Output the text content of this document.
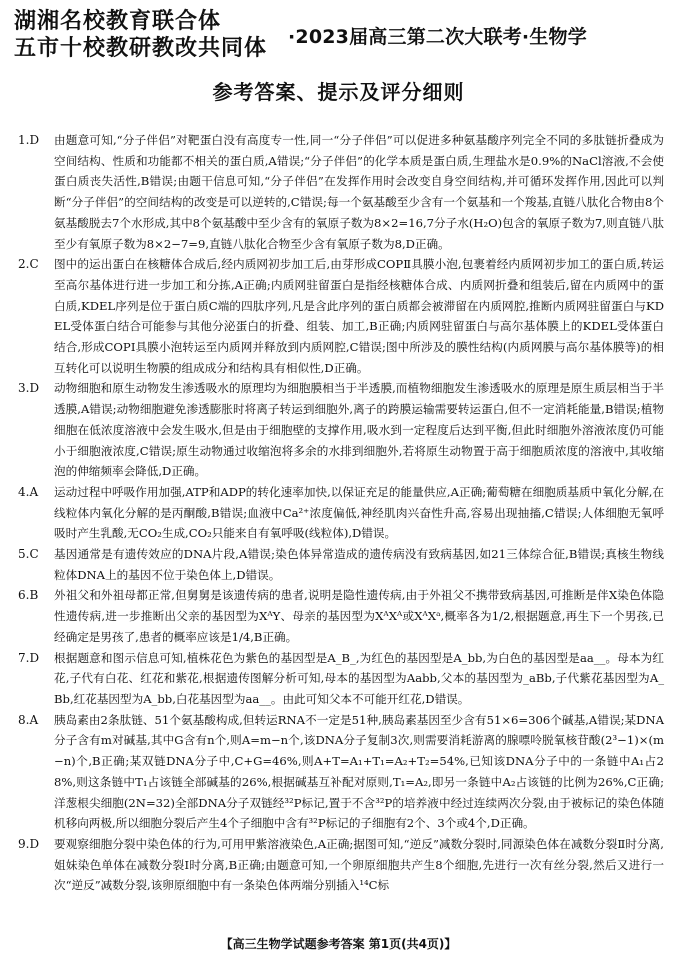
湖湘名校教育联合体
五市十校教研教改共同体	·2023届高三第二次大联考·生物学
参考答案、提示及评分细则
1.D	由题意可知,“分子伴侣”对靶蛋白没有高度专一性,同一“分子伴侣”可以促进多种氨基酸序列完全不同的多肽链折叠成为空间结构、性质和功能都不相关的蛋白质,A错误;“分子伴侣”的化学本质是蛋白质,生理盐水是0.9%的NaCl溶液,不会使蛋白质丧失活性,B错误;由题干信息可知,“分子伴侣”在发挥作用时会改变自身空间结构,并可循环发挥作用,因此可以判断“分子伴侣”的空间结构的改变是可以逆转的,C错误;每一个氨基酸至少含有一个氨基和一个羧基,直链八肽化合物由8个氨基酸脱去7个水形成,其中8个氨基酸中至少含有的氧原子数为8×2=16,7分子水(H₂O)包含的氧原子数为7,则直链八肽至少有氧原子数为8×2−7=9,直链八肽化合物至少含有氧原子数为8,D正确。
2.C	图中的运出蛋白在核糖体合成后,经内质网初步加工后,由芽形成COPⅡ具膜小泡,包裹着经内质网初步加工的蛋白质,转运至高尔基体进行进一步加工和分拣,A正确;内质网驻留蛋白是指经核糖体合成、内质网折叠和组装后,留在内质网中的蛋白质,KDEL序列是位于蛋白质C端的四肽序列,凡是含此序列的蛋白质都会被滞留在内质网腔,推断内质网驻留蛋白与KDEL受体蛋白结合可能参与其他分泌蛋白的折叠、组装、加工,B正确;内质网驻留蛋白与高尔基体膜上的KDEL受体蛋白结合,形成COPⅠ具膜小泡转运至内质网并释放到内质网腔,C错误;图中所涉及的膜性结构(内质网膜与高尔基体膜等)的相互转化可以说明生物膜的组成成分和结构具有相似性,D正确。
3.D	动物细胞和原生动物发生渗透吸水的原理均为细胞膜相当于半透膜,而植物细胞发生渗透吸水的原理是原生质层相当于半透膜,A错误;动物细胞避免渗透膨胀时将离子转运到细胞外,离子的跨膜运输需要转运蛋白,但不一定消耗能量,B错误;植物细胞在低浓度溶液中会发生吸水,但是由于细胞壁的支撑作用,吸水到一定程度后达到平衡,但此时细胞外溶液浓度仍可能小于细胞液浓度,C错误;原生动物通过收缩泡将多余的水排到细胞外,若将原生动物置于高于细胞质浓度的溶液中,其收缩泡的伸缩频率会降低,D正确。
4.A	运动过程中呼吸作用加强,ATP和ADP的转化速率加快,以保证充足的能量供应,A正确;葡萄糖在细胞质基质中氧化分解,在线粒体内氧化分解的是丙酮酸,B错误;血液中Ca²⁺浓度偏低,神经肌肉兴奋性升高,容易出现抽搐,C错误;人体细胞无氧呼吸时产生乳酸,无CO₂生成,CO₂只能来自有氧呼吸(线粒体),D错误。
5.C	基因通常是有遗传效应的DNA片段,A错误;染色体异常造成的遗传病没有致病基因,如21三体综合征,B错误;真核生物线粒体DNA上的基因不位于染色体上,D错误。
6.B	外祖父和外祖母都正常,但舅舅是该遗传病的患者,说明是隐性遗传病,由于外祖父不携带致病基因,可推断是伴X染色体隐性遗传病,进一步推断出父亲的基因型为XᴬY、母亲的基因型为XᴬXᴬ或XᴬXᵃ,概率各为1/2,根据题意,再生下一个男孩,已经确定是男孩了,患者的概率应该是1/4,B正确。
7.D	根据题意和图示信息可知,植株花色为紫色的基因型是A_B_,为红色的基因型是A_bb,为白色的基因型是aa__。母本为红花,子代有白花、红花和紫花,根据遗传图解分析可知,母本的基因型为Aabb,父本的基因型为_aBb,子代紫花基因型为A_Bb,红花基因型为A_bb,白花基因型为aa__。由此可知父本不可能开红花,D错误。
8.A	胰岛素由2条肽链、51个氨基酸构成,但转运RNA不一定是51种,胰岛素基因至少含有51×6=306个碱基,A错误;某DNA分子含有m对碱基,其中G含有n个,则A=m−n个,该DNA分子复制3次,则需要消耗游离的腺嘌呤脱氧核苷酸(2³−1)×(m−n)个,B正确;某双链DNA分子中,C+G=46%,则A+T=A₁+T₁=A₂+T₂=54%,已知该DNA分子中的一条链中A₁占28%,则这条链中T₁占该链全部碱基的26%,根据碱基互补配对原则,T₁=A₂,即另一条链中A₂占该链的比例为26%,C正确;洋葱根尖细胞(2N=32)全部DNA分子双链经³²P标记,置于不含³²P的培养液中经过连续两次分裂,由于被标记的染色体随机移向两极,所以细胞分裂后产生4个子细胞中含有³²P标记的子细胞有2个、3个或4个,D正确。
9.D	要观察细胞分裂中染色体的行为,可用甲紫溶液染色,A正确;据图可知,“逆反”减数分裂时,同源染色体在减数分裂Ⅱ时分离,姐妹染色单体在减数分裂Ⅰ时分离,B正确;由题意可知,一个卵原细胞共产生8个细胞,先进行一次有丝分裂,然后又进行一次“逆反”减数分裂,该卵原细胞中有一条染色体两端分别插入¹⁴C标
【高三生物学试题参考答案 第1页(共4页)】
